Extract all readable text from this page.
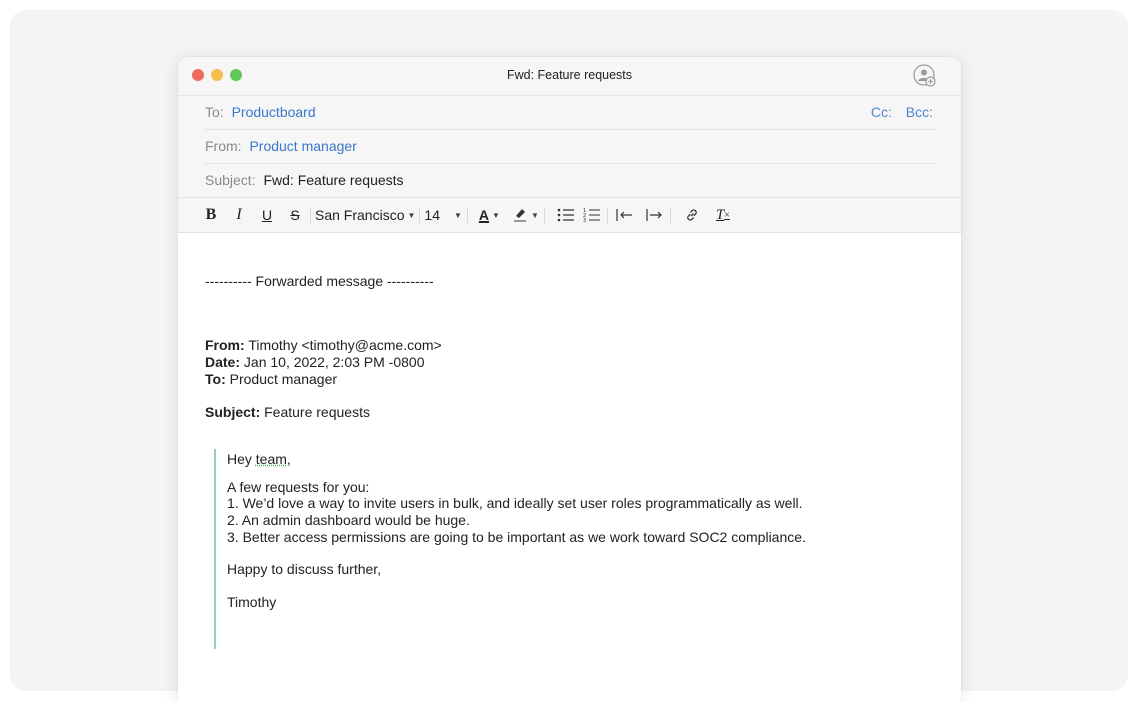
Fwd: Feature requests
To: Productboard	Cc: Bcc:
From: Product manager
Subject: Fwd: Feature requests
B I	U S San Francisco ▼ 14 ▼ A ▼	▼	1
2
3	T ×
---------- Forwarded message ----------
From: Timothy <timothy@acme.com>
Date: Jan 10, 2022, 2:03 PM -0800
To: Product manager
Subject: Feature requests
Hey team,
A few requests for you:
1. We’d love a way to invite users in bulk, and ideally set user roles programmatically as well.
2. An admin dashboard would be huge.
3. Better access permissions are going to be important as we work toward SOC2 compliance.
Happy to discuss further,
Timothy
